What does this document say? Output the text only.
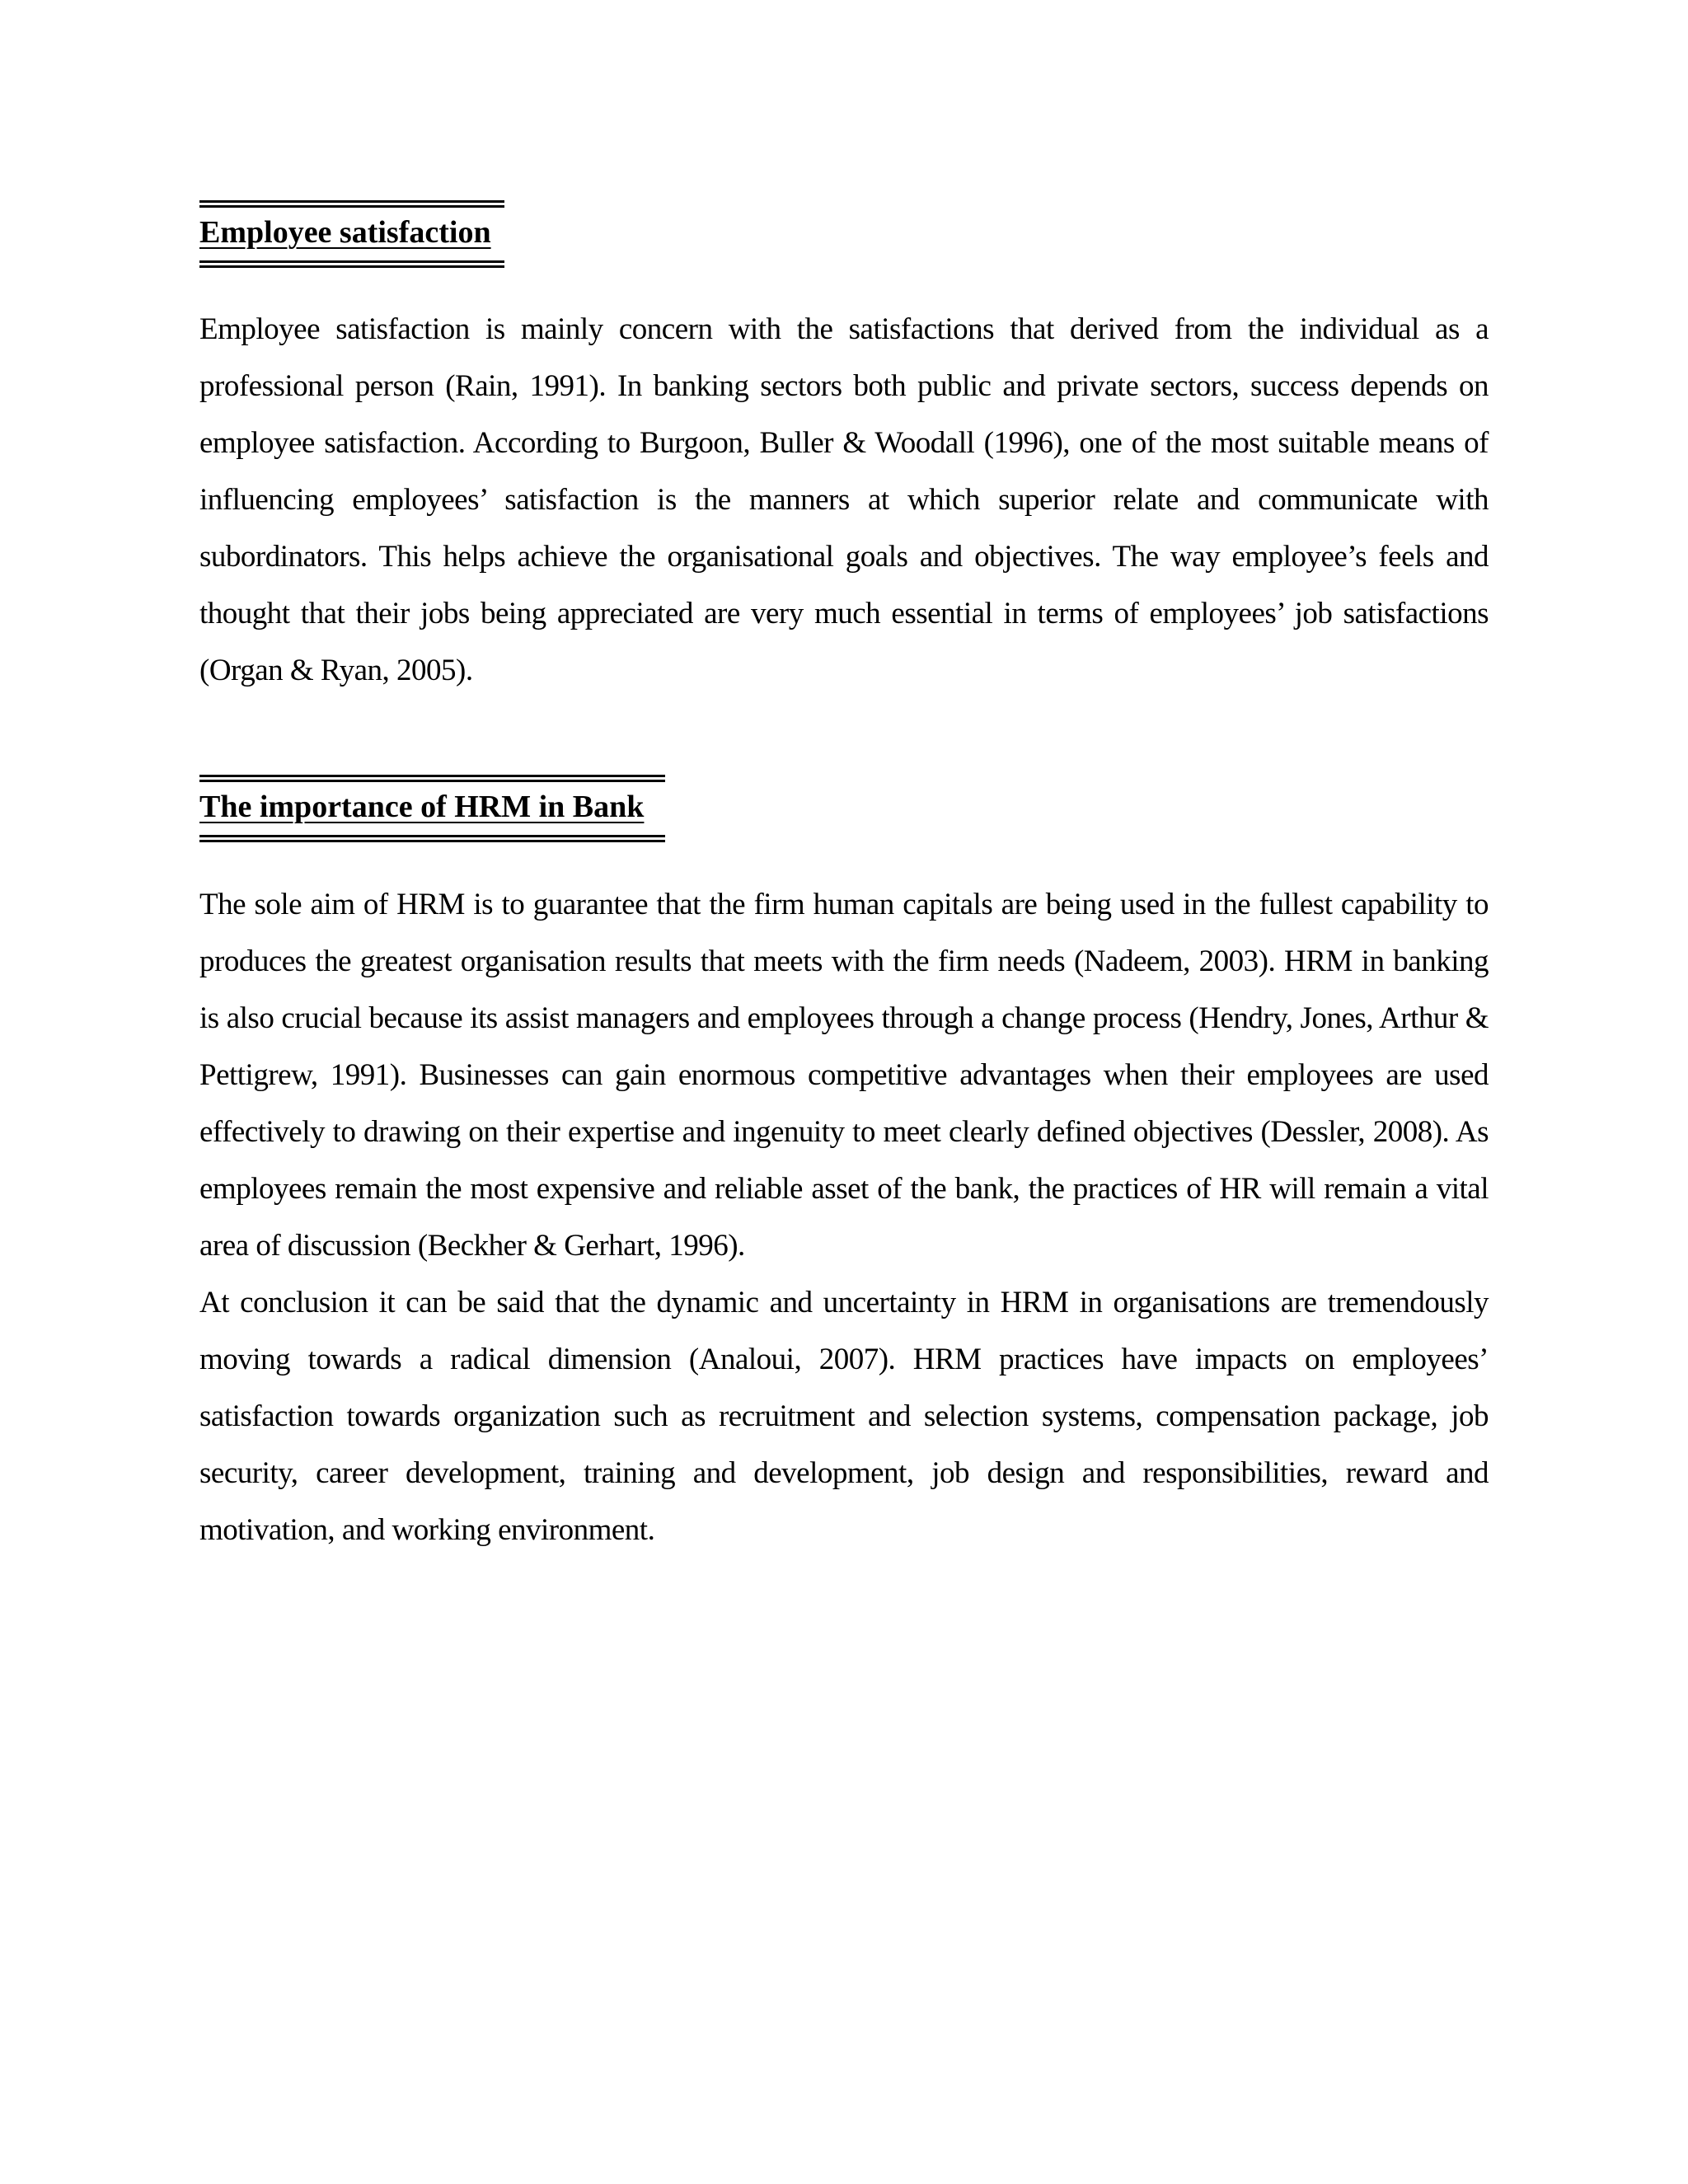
Employee satisfaction
Employee satisfaction is mainly concern with the satisfactions that derived from the individual as a
professional person (Rain, 1991). In banking sectors both public and private sectors, success depends on
employee satisfaction. According to Burgoon, Buller & Woodall (1996), one of the most suitable means of
influencing employees’ satisfaction is the manners at which superior relate and communicate with
subordinators. This helps achieve the organisational goals and objectives. The way employee’s feels and
thought that their jobs being appreciated are very much essential in terms of employees’ job satisfactions
(Organ & Ryan, 2005).
The importance of HRM in Bank
The sole aim of HRM is to guarantee that the firm human capitals are being used in the fullest capability to
produces the greatest organisation results that meets with the firm needs (Nadeem, 2003). HRM in banking
is also crucial because its assist managers and employees through a change process (Hendry, Jones, Arthur &
Pettigrew, 1991). Businesses can gain enormous competitive advantages when their employees are used
effectively to drawing on their expertise and ingenuity to meet clearly defined objectives (Dessler, 2008). As
employees remain the most expensive and reliable asset of the bank, the practices of HR will remain a vital
area of discussion (Beckher & Gerhart, 1996).
At conclusion it can be said that the dynamic and uncertainty in HRM in organisations are tremendously
moving towards a radical dimension (Analoui, 2007). HRM practices have impacts on employees’
satisfaction towards organization such as recruitment and selection systems, compensation package, job
security, career development, training and development, job design and responsibilities, reward and
motivation, and working environment.
